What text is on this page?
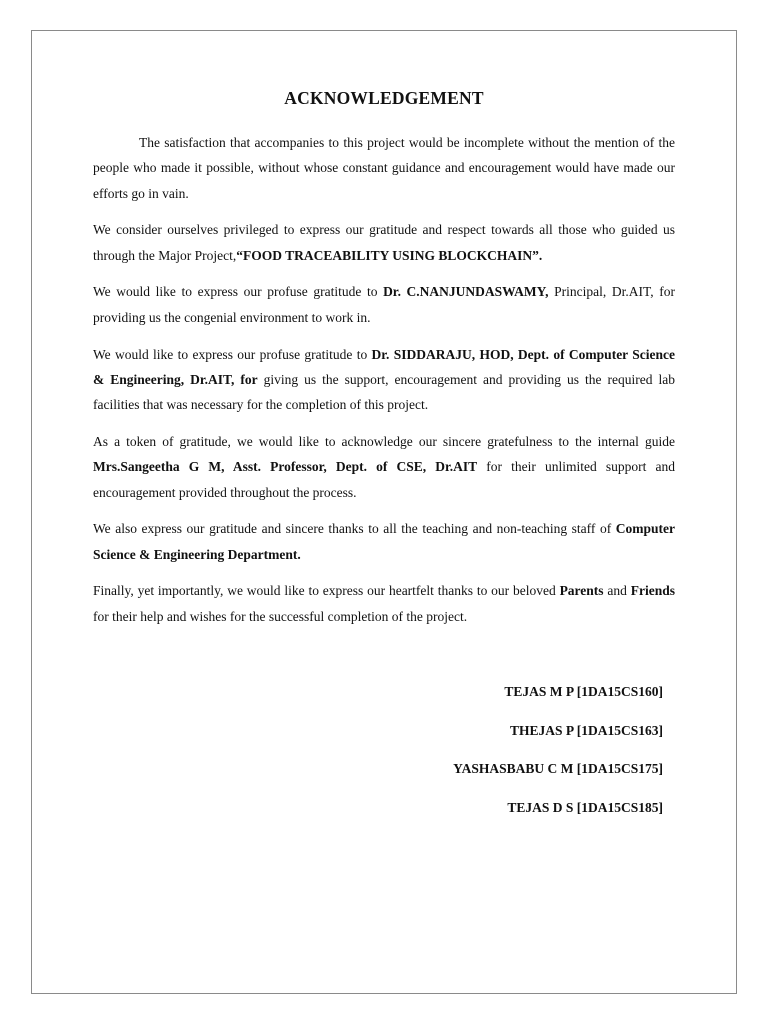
ACKNOWLEDGEMENT

The satisfaction that accompanies to this project would be incomplete without the mention of the people who made it possible, without whose constant guidance and encouragement would have made our efforts go in vain.

We consider ourselves privileged to express our gratitude and respect towards all those who guided us through the Major Project,“FOOD TRACEABILITY USING BLOCKCHAIN”.

We would like to express our profuse gratitude to Dr. C.NANJUNDASWAMY, Principal, Dr.AIT, for providing us the congenial environment to work in.

We would like to express our profuse gratitude to Dr. SIDDARAJU, HOD, Dept. of Computer Science & Engineering, Dr.AIT, for giving us the support, encouragement and providing us the required lab facilities that was necessary for the completion of this project.

As a token of gratitude, we would like to acknowledge our sincere gratefulness to the internal guide Mrs.Sangeetha G M, Asst. Professor, Dept. of CSE, Dr.AIT for their unlimited support and encouragement provided throughout the process.

We also express our gratitude and sincere thanks to all the teaching and non-teaching staff of Computer Science & Engineering Department.

Finally, yet importantly, we would like to express our heartfelt thanks to our beloved Parents and Friends for their help and wishes for the successful completion of the project.

TEJAS M P [1DA15CS160]
THEJAS P [1DA15CS163]
YASHASBABU C M [1DA15CS175]
TEJAS D S [1DA15CS185]
